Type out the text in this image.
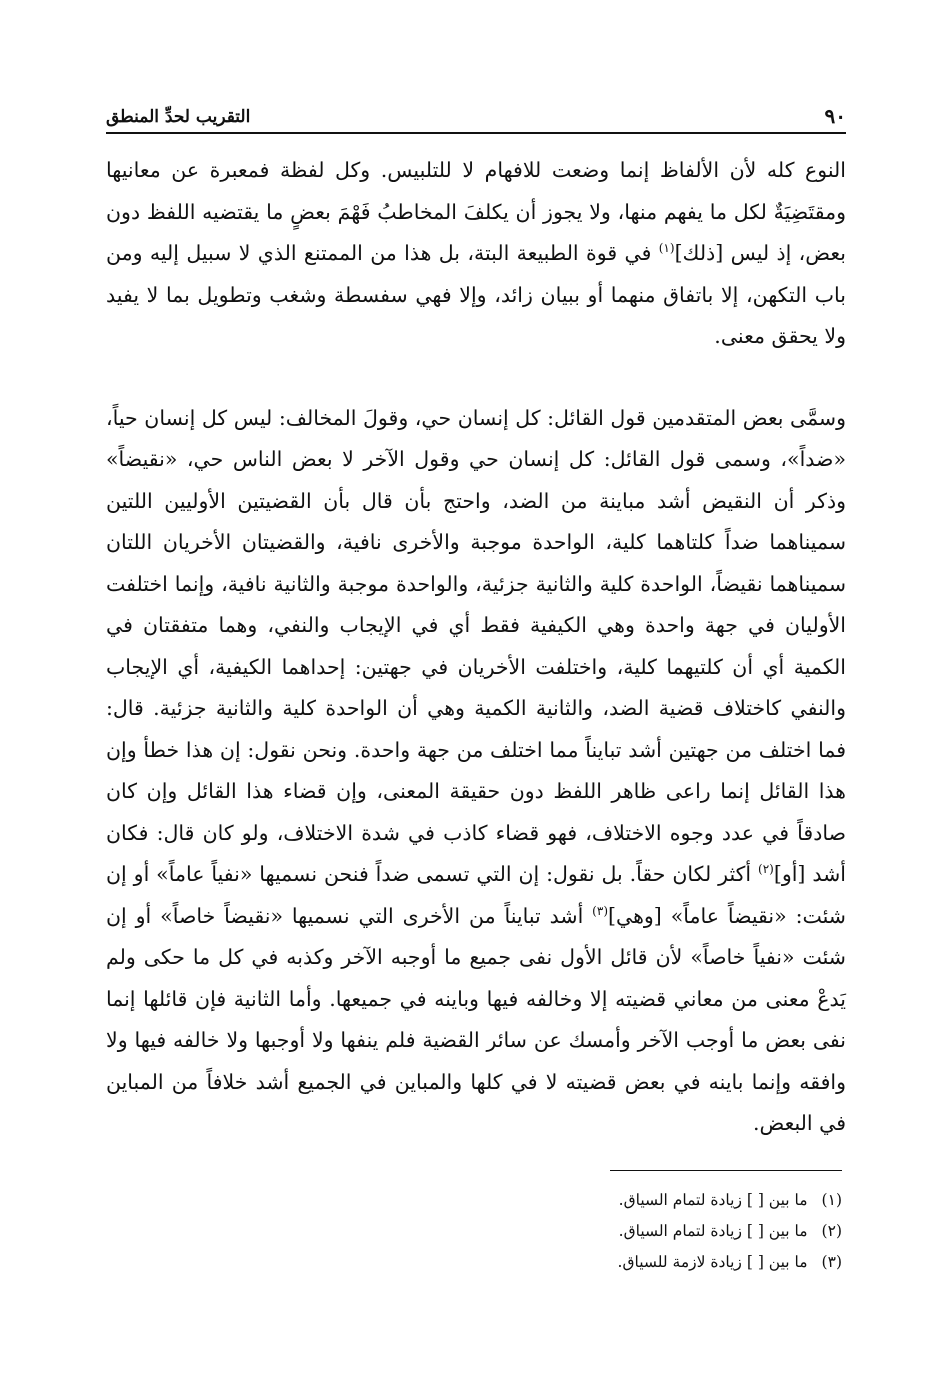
٩٠
التقريب لحدِّ المنطق

النوع كله لأن الألفاظ إنما وضعت للافهام لا للتلبيس. وكل لفظة فمعبرة عن معانيها ومقتَضِيَةٌ لكل ما يفهم منها، ولا يجوز أن يكلفَ المخاطبُ فَهْمَ بعضٍ ما يقتضيه اللفظ دون بعض، إذ ليس [ذلك]$^{(١)}$ في قوة الطبيعة البتة، بل هذا من الممتنع الذي لا سبيل إليه ومن باب التكهن، إلا باتفاق منهما أو ببيان زائد، وإلا فهي سفسطة وشغب وتطويل بما لا يفيد ولا يحقق معنى.

وسمَّى بعض المتقدمين قول القائل: كل إنسان حي، وقولَ المخالف: ليس كل إنسان حياً، «ضداً»، وسمى قول القائل: كل إنسان حي وقول الآخر لا بعض الناس حي، «نقيضاً» وذكر أن النقيض أشد مباينة من الضد، واحتج بأن قال بأن القضيتين الأوليين اللتين سميناهما ضداً كلتاهما كلية، الواحدة موجبة والأخرى نافية، والقضيتان الأخريان اللتان سميناهما نقيضاً، الواحدة كلية والثانية جزئية، والواحدة موجبة والثانية نافية، وإنما اختلفت الأوليان في جهة واحدة وهي الكيفية فقط أي في الإيجاب والنفي، وهما متفقتان في الكمية أي أن كلتيهما كلية، واختلفت الأخريان في جهتين: إحداهما الكيفية، أي الإيجاب والنفي كاختلاف قضية الضد، والثانية الكمية وهي أن الواحدة كلية والثانية جزئية. قال: فما اختلف من جهتين أشد تبايناً مما اختلف من جهة واحدة. ونحن نقول: إن هذا خطأ وإن هذا القائل إنما راعى ظاهر اللفظ دون حقيقة المعنى، وإن قضاء هذا القائل وإن كان صادقاً في عدد وجوه الاختلاف، فهو قضاء كاذب في شدة الاختلاف، ولو كان قال: فكان أشد [أو]$^{(٢)}$ أكثر لكان حقاً. بل نقول: إن التي تسمى ضداً فنحن نسميها «نفياً عاماً» أو إن شئت: «نقيضاً عاماً» [وهي]$^{(٣)}$ أشد تبايناً من الأخرى التي نسميها «نقيضاً خاصاً» أو إن شئت «نفياً خاصاً» لأن قائل الأول نفى جميع ما أوجبه الآخر وكذبه في كل ما حكى ولم يَدعْ معنى من معاني قضيته إلا وخالفه فيها وباينه في جميعها. وأما الثانية فإن قائلها إنما نفى بعض ما أوجب الآخر وأمسك عن سائر القضية فلم ينفها ولا أوجبها ولا خالفه فيها ولا وافقه وإنما باينه في بعض قضيته لا في كلها والمباين في الجميع أشد خلافاً من المباين في البعض.

(١)
ما بين [ ] زيادة لتمام السياق.
(٢)
ما بين [ ] زيادة لتمام السياق.
(٣)
ما بين [ ] زيادة لازمة للسياق.
